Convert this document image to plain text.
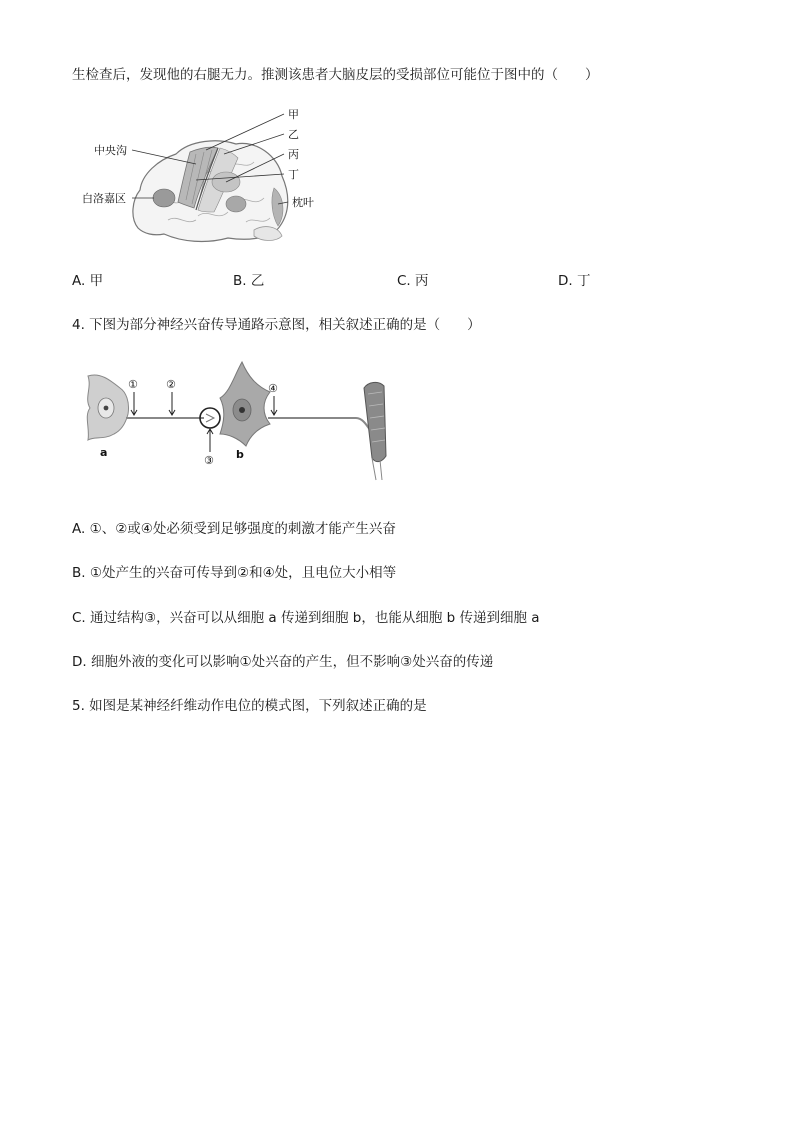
生检查后，发现他的右腿无力。推测该患者大脑皮层的受损部位可能位于图中的（　　）
甲
乙
丙
丁
中央沟
白洛嘉区	枕叶
A. 甲	B. 乙	C. 丙	D. 丁
4. 下图为部分神经兴奋传导通路示意图，相关叙述正确的是（　　）
①	②	④
③
a	b
A. ①、②或④处必须受到足够强度的刺激才能产生兴奋
B. ①处产生的兴奋可传导到②和④处，且电位大小相等
C. 通过结构③，兴奋可以从细胞 a 传递到细胞 b，也能从细胞 b 传递到细胞 a
D. 细胞外液的变化可以影响①处兴奋的产生，但不影响③处兴奋的传递
5. 如图是某神经纤维动作电位的模式图，下列叙述正确的是
